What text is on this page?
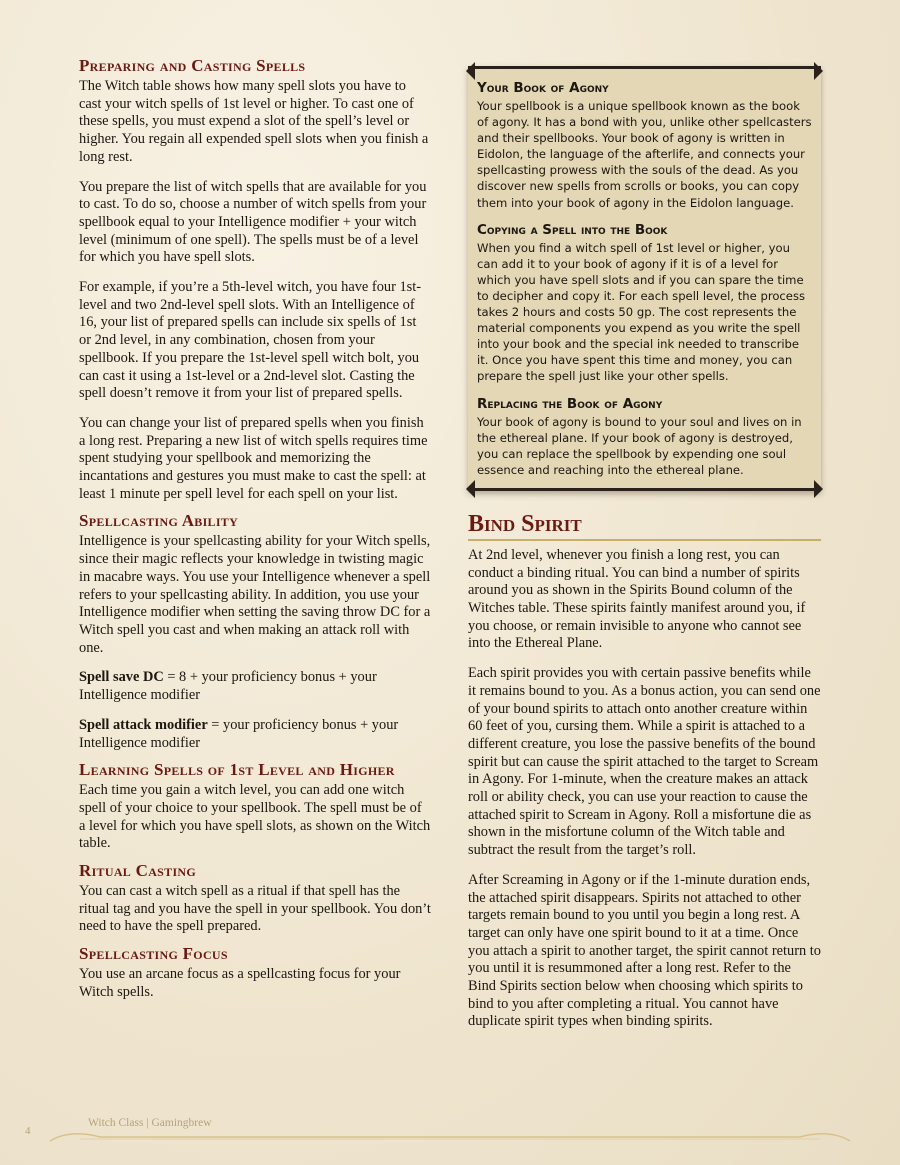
Preparing and Casting Spells

The Witch table shows how many spell slots you have to cast your witch spells of 1st level or higher. To cast one of these spells, you must expend a slot of the spell’s level or higher. You regain all expended spell slots when you finish a long rest.

You prepare the list of witch spells that are available for you to cast. To do so, choose a number of witch spells from your spellbook equal to your Intelligence modifier + your witch level (minimum of one spell). The spells must be of a level for which you have spell slots.

For example, if you’re a 5th-level witch, you have four 1st-level and two 2nd-level spell slots. With an Intelligence of 16, your list of prepared spells can include six spells of 1st or 2nd level, in any combination, chosen from your spellbook. If you prepare the 1st-level spell witch bolt, you can cast it using a 1st-level or a 2nd-level slot. Casting the spell doesn’t remove it from your list of prepared spells.

You can change your list of prepared spells when you finish a long rest. Preparing a new list of witch spells requires time spent studying your spellbook and memorizing the incantations and gestures you must make to cast the spell: at least 1 minute per spell level for each spell on your list.

Spellcasting Ability

Intelligence is your spellcasting ability for your Witch spells, since their magic reflects your knowledge in twisting magic in macabre ways. You use your Intelligence whenever a spell refers to your spellcasting ability. In addition, you use your Intelligence modifier when setting the saving throw DC for a Witch spell you cast and when making an attack roll with one.

Spell save DC = 8 + your proficiency bonus + your Intelligence modifier

Spell attack modifier = your proficiency bonus + your Intelligence modifier

Learning Spells of 1st Level and Higher

Each time you gain a witch level, you can add one witch spell of your choice to your spellbook. The spell must be of a level for which you have spell slots, as shown on the Witch table.

Ritual Casting

You can cast a witch spell as a ritual if that spell has the ritual tag and you have the spell in your spellbook. You don’t need to have the spell prepared.

Spellcasting Focus

You use an arcane focus as a spellcasting focus for your Witch spells.

Your Book of Agony

Your spellbook is a unique spellbook known as the book of agony. It has a bond with you, unlike other spellcasters and their spellbooks. Your book of agony is written in Eidolon, the language of the afterlife, and connects your spellcasting prowess with the souls of the dead. As you discover new spells from scrolls or books, you can copy them into your book of agony in the Eidolon language.

Copying a Spell into the Book

When you find a witch spell of 1st level or higher, you can add it to your book of agony if it is of a level for which you have spell slots and if you can spare the time to decipher and copy it. For each spell level, the process takes 2 hours and costs 50 gp. The cost represents the material components you expend as you write the spell into your book and the special ink needed to transcribe it. Once you have spent this time and money, you can prepare the spell just like your other spells.

Replacing the Book of Agony

Your book of agony is bound to your soul and lives on in the ethereal plane. If your book of agony is destroyed, you can replace the spellbook by expending one soul essence and reaching into the ethereal plane.

Bind Spirit

At 2nd level, whenever you finish a long rest, you can conduct a binding ritual. You can bind a number of spirits around you as shown in the Spirits Bound column of the Witches table. These spirits faintly manifest around you, if you choose, or remain invisible to anyone who cannot see into the Ethereal Plane.

Each spirit provides you with certain passive benefits while it remains bound to you. As a bonus action, you can send one of your bound spirits to attach onto another creature within 60 feet of you, cursing them. While a spirit is attached to a different creature, you lose the passive benefits of the bound spirit but can cause the spirit attached to the target to Scream in Agony. For 1-minute, when the creature makes an attack roll or ability check, you can use your reaction to cause the attached spirit to Scream in Agony. Roll a misfortune die as shown in the misfortune column of the Witch table and subtract the result from the target’s roll.

After Screaming in Agony or if the 1-minute duration ends, the attached spirit disappears. Spirits not attached to other targets remain bound to you until you begin a long rest. A target can only have one spirit bound to it at a time. Once you attach a spirit to another target, the spirit cannot return to you until it is resummoned after a long rest. Refer to the Bind Spirits section below when choosing which spirits to bind to you after completing a ritual. You cannot have duplicate spirit types when binding spirits.

4
Witch Class | Gamingbrew
